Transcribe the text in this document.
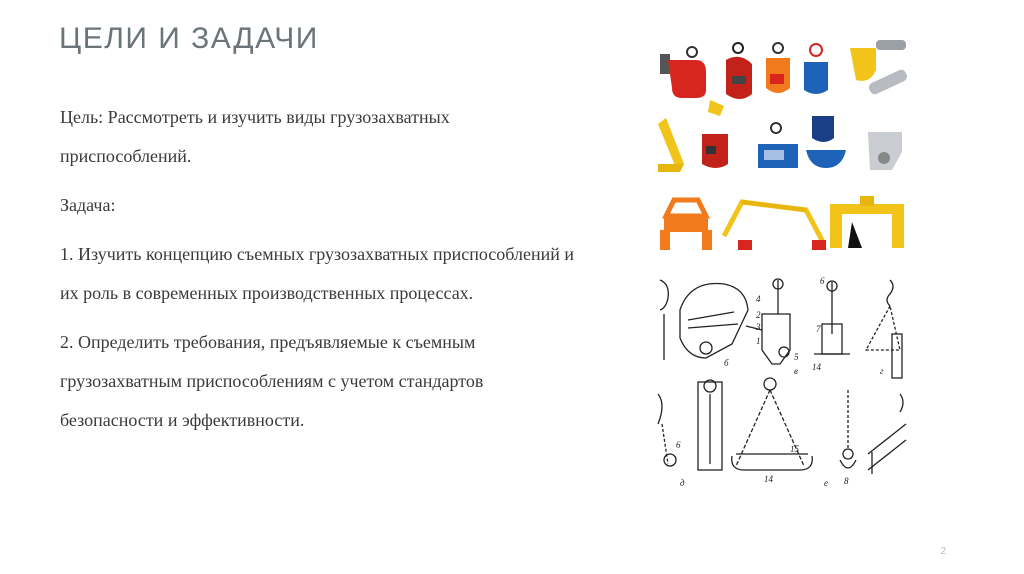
ЦЕЛИ И ЗАДАЧИ

Цель: Рассмотреть и изучить виды грузозахватных приспособлений.

Задача:

1. Изучить концепцию съемных грузозахватных приспособлений и их роль в современных производственных процессах.

2. Определить требования, предъявляемые к съемным грузозахватным приспособлениям с учетом стандартов безопасности и эффективности.

б
в	г
д	е
4
2
3
1
5
14
6
7
6	15
14	8
2
